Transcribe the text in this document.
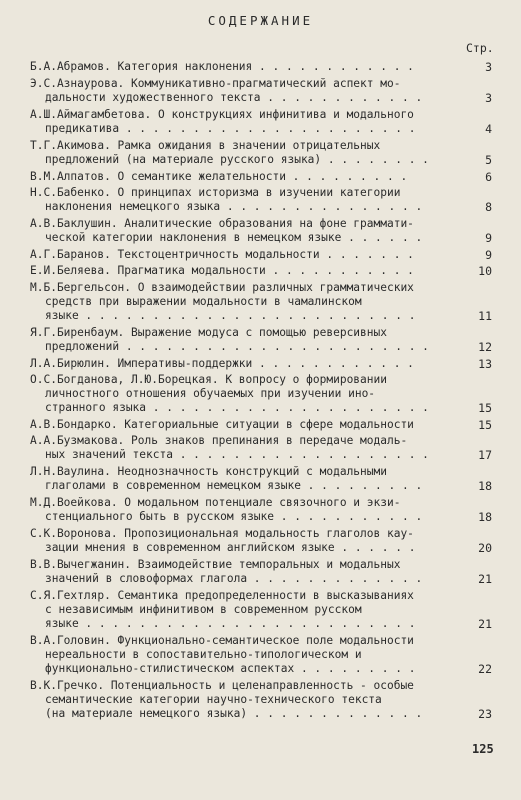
СОДЕРЖАНИЕ
Стр.
Б.А.Абрамов. Категория наклонения . . . . . . . . . . . .	3
Э.С.Азнаурова. Коммуникативно-прагматический аспект мо-
дальности художественного текста . . . . . . . . . . . .	3
А.Ш.Аймагамбетова. О конструкциях инфинитива и модального
предикатива . . . . . . . . . . . . . . . . . . . . . .	4
Т.Г.Акимова. Рамка ожидания в значении отрицательных
предложений (на материале русского языка) . . . . . . . .	5
В.М.Алпатов. О семантике желательности . . . . . . . . .	6
Н.С.Бабенко. О принципах историзма в изучении категории
наклонения немецкого языка . . . . . . . . . . . . . . .	8
А.В.Баклушин. Аналитические образования на фоне граммати-
ческой категории наклонения в немецком языке . . . . . .	9
А.Г.Баранов. Текстоцентричность модальности . . . . . . .	9
Е.И.Беляева. Прагматика модальности . . . . . . . . . . .	10
М.Б.Бергельсон. О взаимодействии различных грамматических
средств при выражении модальности в чамалинском
языке . . . . . . . . . . . . . . . . . . . . . . . . .	11
Я.Г.Биренбаум. Выражение модуса с помощью реверсивных
предложений . . . . . . . . . . . . . . . . . . . . . . .	12
Л.А.Бирюлин. Императивы-поддержки . . . . . . . . . . . .	13
О.С.Богданова, Л.Ю.Борецкая. К вопросу о формировании
личностного отношения обучаемых при изучении ино-
странного языка . . . . . . . . . . . . . . . . . . . . .	15
А.В.Бондарко. Категориальные ситуации в сфере модальности	15
А.А.Бузмакова. Роль знаков препинания в передаче модаль-
ных значений текста . . . . . . . . . . . . . . . . . . .	17
Л.Н.Ваулина. Неоднозначность конструкций с модальными
глаголами в современном немецком языке . . . . . . . . .	18
М.Д.Воейкова. О модальном потенциале связочного и экзи-
стенциального быть в русском языке . . . . . . . . . . .	18
С.К.Воронова. Пропозициональная модальность глаголов кау-
зации мнения в современном английском языке . . . . . .	20
В.В.Вычегжанин. Взаимодействие темпоральных и модальных
значений в словоформах глагола . . . . . . . . . . . . .	21
С.Я.Гехтляр. Семантика предопределенности в высказываниях
с независимым инфинитивом в современном русском
языке . . . . . . . . . . . . . . . . . . . . . . . . .	21
В.А.Головин. Функционально-семантическое поле модальности
нереальности в сопоставительно-типологическом и
функционально-стилистическом аспектах . . . . . . . . .	22
В.К.Гречко. Потенциальность и целенаправленность - особые
семантические категории научно-технического текста
(на материале немецкого языка) . . . . . . . . . . . . .	23
125
